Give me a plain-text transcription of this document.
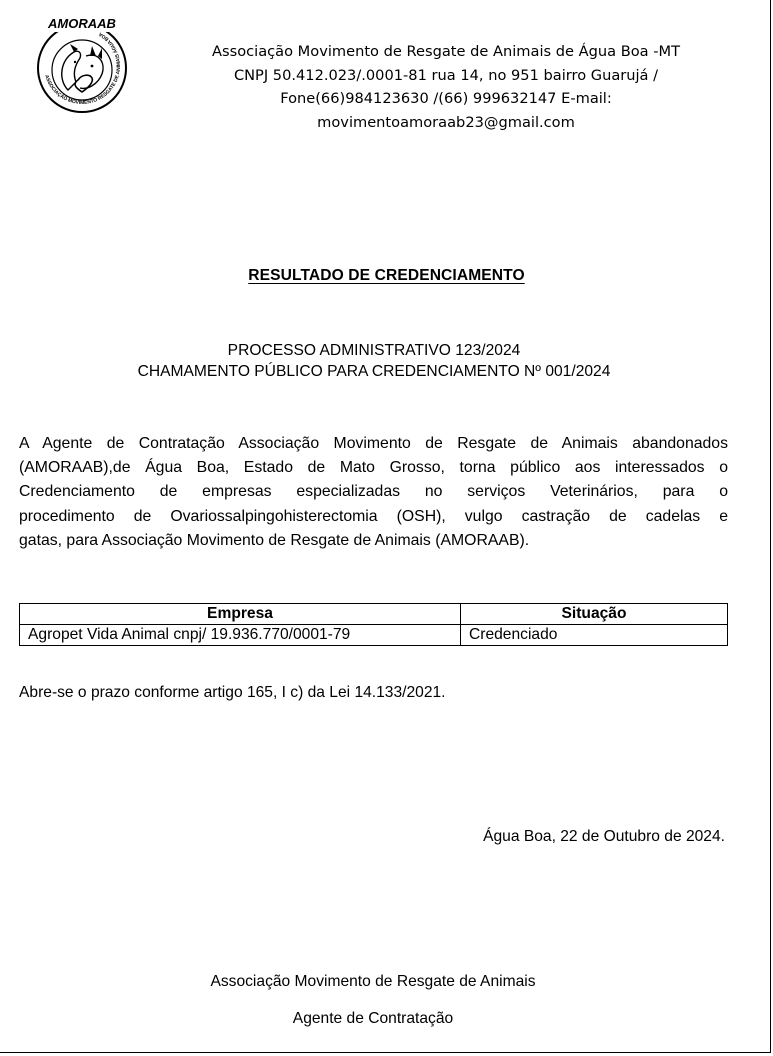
AMORAAB
ASSOCIAÇÃO MOVIMENTO RESGATE DE ANIMAIS ÁGUA BOA
Associação Movimento de Resgate de Animais de Água Boa -MT
CNPJ 50.412.023/.0001-81 rua 14, no 951 bairro Guarujá /
Fone(66)984123630 /(66) 999632147 E-mail:
movimentoamoraab23@gmail.com
RESULTADO DE CREDENCIAMENTO
PROCESSO ADMINISTRATIVO 123/2024
CHAMAMENTO PÚBLICO PARA CREDENCIAMENTO Nº 001/2024
A Agente de Contratação Associação Movimento de Resgate de Animais abandonados
(AMORAAB),de Água Boa, Estado de Mato Grosso, torna público aos interessados o
Credenciamento de empresas especializadas no serviços Veterinários, para o
procedimento de Ovariossalpingohisterectomia (OSH), vulgo castração de cadelas e
gatas, para Associação Movimento de Resgate de Animais (AMORAAB).
Empresa	Situação
Agropet Vida Animal cnpj/ 19.936.770/0001-79	Credenciado
Abre-se o prazo conforme artigo 165, I c) da Lei 14.133/2021.
Água Boa, 22 de Outubro de 2024.
Associação Movimento de Resgate de Animais
Agente de Contratação
